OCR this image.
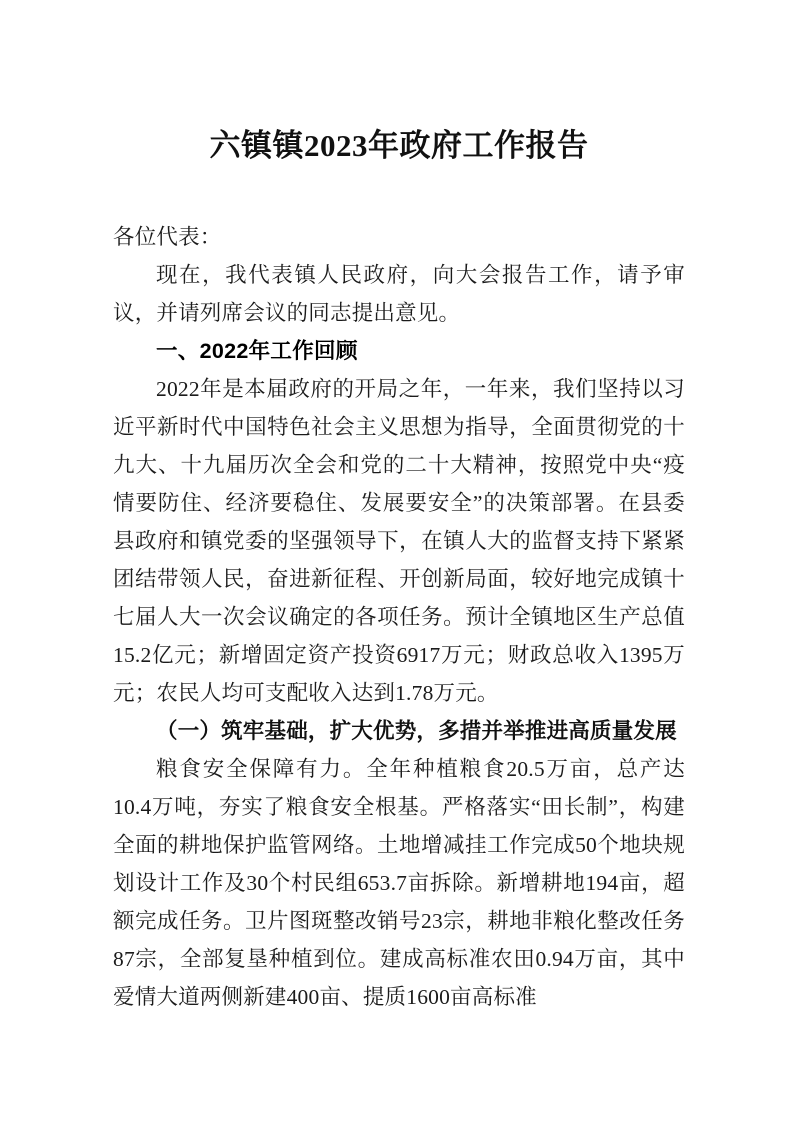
六镇镇2023年政府工作报告

各位代表：

现在，我代表镇人民政府，向大会报告工作，请予审议，并请列席会议的同志提出意见。

一、2022年工作回顾

2022年是本届政府的开局之年，一年来，我们坚持以习近平新时代中国特色社会主义思想为指导，全面贯彻党的十九大、十九届历次全会和党的二十大精神，按照党中央“疫情要防住、经济要稳住、发展要安全”的决策部署。在县委县政府和镇党委的坚强领导下，在镇人大的监督支持下紧紧团结带领人民，奋进新征程、开创新局面，较好地完成镇十七届人大一次会议确定的各项任务。预计全镇地区生产总值15.2亿元；新增固定资产投资6917万元；财政总收入1395万元；农民人均可支配收入达到1.78万元。

（一）筑牢基础，扩大优势，多措并举推进高质量发展

粮食安全保障有力。全年种植粮食20.5万亩，总产达10.4万吨，夯实了粮食安全根基。严格落实“田长制”，构建全面的耕地保护监管网络。土地增减挂工作完成50个地块规划设计工作及30个村民组653.7亩拆除。新增耕地194亩，超额完成任务。卫片图斑整改销号23宗，耕地非粮化整改任务87宗，全部复垦种植到位。建成高标准农田0.94万亩，其中爱情大道两侧新建400亩、提质1600亩高标准
